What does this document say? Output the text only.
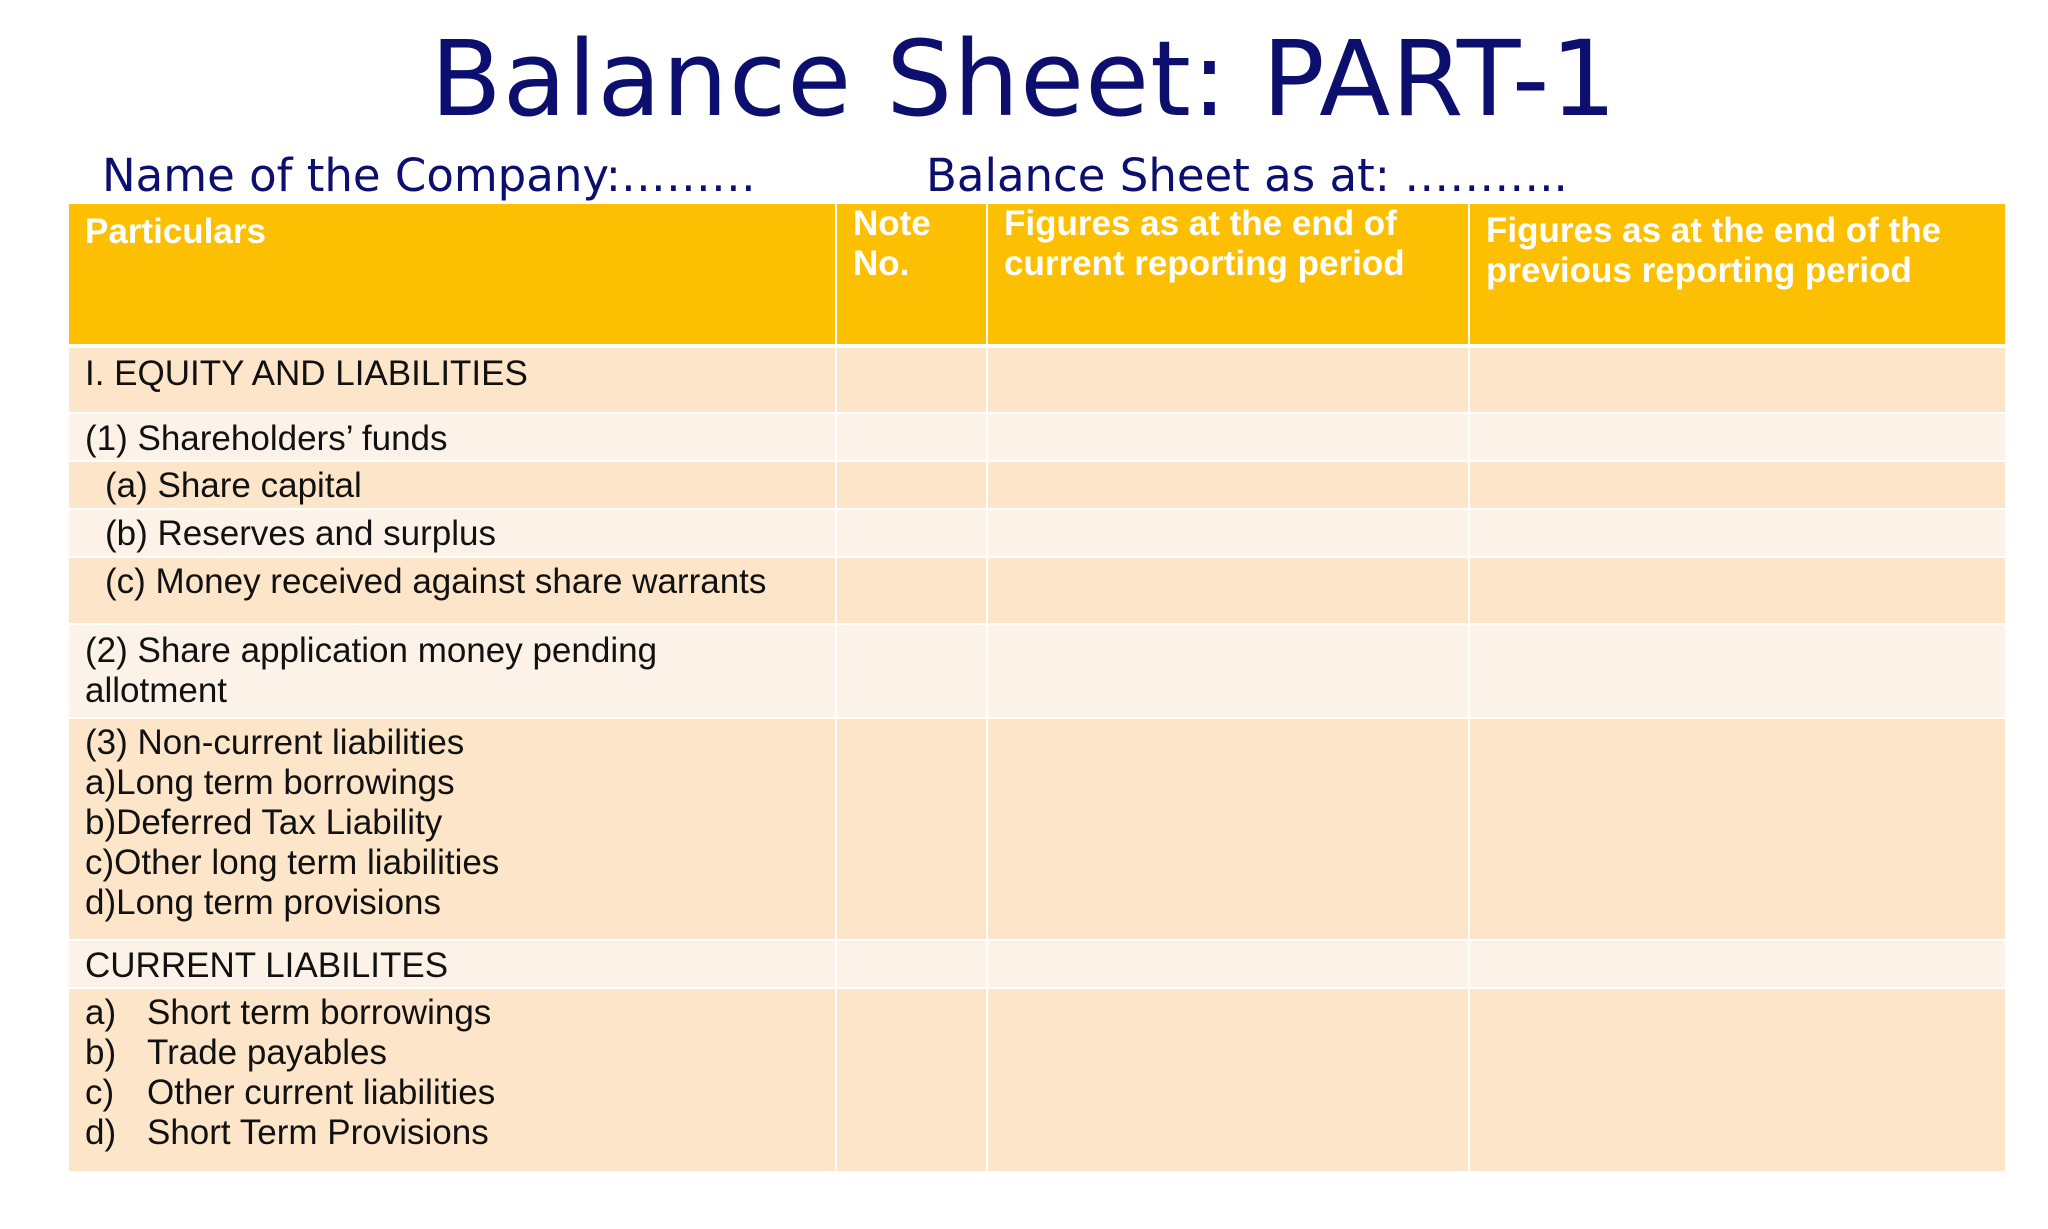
Balance Sheet: PART-1
Name of the Company:………	Balance Sheet as at: ………..
Particulars	Note No.	Figures as at the end of current reporting period	Figures as at the end of the previous reporting period
I. EQUITY AND LIABILITIES			
(1) Shareholders’ funds			

(a) Share capital			

(b) Reserves and surplus			

(c) Money received against share warrants			

(2) Share application money pending allotment			

(3) Non-current liabilities
a)Long term borrowings
b)Deferred Tax Liability
c)Other long term liabilities
d)Long term provisions			

CURRENT LIABILITES			

a) Short term borrowings
b) Trade payables
c) Other current liabilities
d) Short Term Provisions			
